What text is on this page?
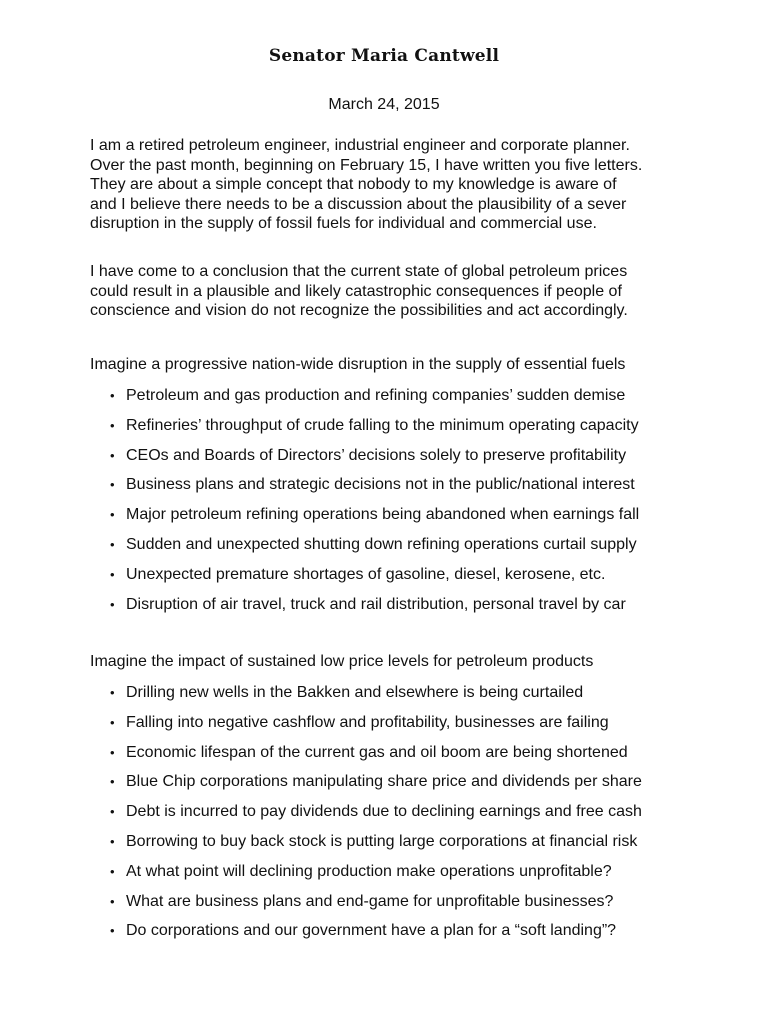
Senator Maria Cantwell
March 24, 2015
I am a retired petroleum engineer, industrial engineer and corporate planner.
Over the past month, beginning on February 15, I have written you five letters.
They are about a simple concept that nobody to my knowledge is aware of
and I believe there needs to be a discussion about the plausibility of a sever
disruption in the supply of fossil fuels for individual and commercial use.
I have come to a conclusion that the current state of global petroleum prices
could result in a plausible and likely catastrophic consequences if people of
conscience and vision do not recognize the possibilities and act accordingly.
Imagine a progressive nation-wide disruption in the supply of essential fuels
• Petroleum and gas production and refining companies’ sudden demise
• Refineries’ throughput of crude falling to the minimum operating capacity
• CEOs and Boards of Directors’ decisions solely to preserve profitability
• Business plans and strategic decisions not in the public/national interest
• Major petroleum refining operations being abandoned when earnings fall
• Sudden and unexpected shutting down refining operations curtail supply
• Unexpected premature shortages of gasoline, diesel, kerosene, etc.
• Disruption of air travel, truck and rail distribution, personal travel by car
Imagine the impact of sustained low price levels for petroleum products
• Drilling new wells in the Bakken and elsewhere is being curtailed
• Falling into negative cashflow and profitability, businesses are failing
• Economic lifespan of the current gas and oil boom are being shortened
• Blue Chip corporations manipulating share price and dividends per share
• Debt is incurred to pay dividends due to declining earnings and free cash
• Borrowing to buy back stock is putting large corporations at financial risk
• At what point will declining production make operations unprofitable?
• What are business plans and end-game for unprofitable businesses?
• Do corporations and our government have a plan for a “soft landing”?
